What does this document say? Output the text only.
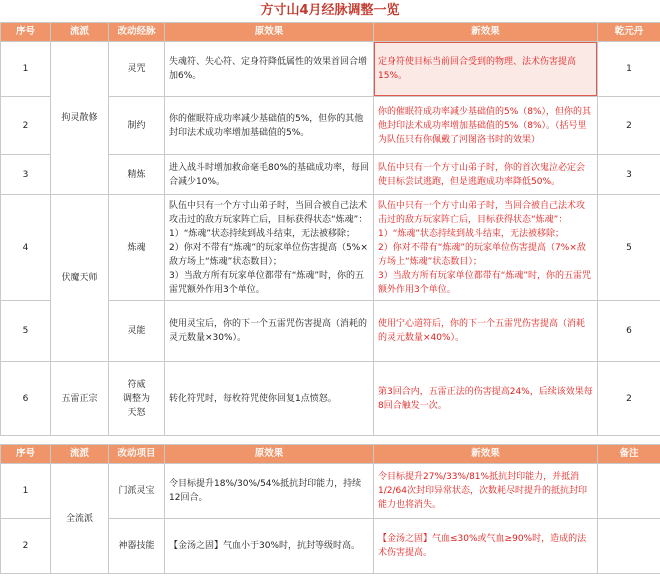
方寸山4月经脉调整一览
序号	流派	改动经脉	原效果	新效果	乾元丹
1	拘灵散修	灵咒	失魂符、失心符、定身符降低属性的效果首回合增加6%。	定身符使目标当前回合受到的物理、法术伤害提高15%。	1
2		制约	你的催眠符成功率减少基础值的5%，但你的其他封印法术成功率增加基础值的5%。	你的催眠符成功率减少基础值的5%（8%），但你的其他封印法术成功率增加基础值的5%（8%）。（括号里为队伍只有你佩戴了河图洛书时的效果）	2
3		精炼	进入战斗时增加救命毫毛80%的基础成功率，每回合减少10%。	队伍中只有一个方寸山弟子时，你的首次鬼泣必定会使目标尝试逃跑，但是逃跑成功率降低50%。	3
4	伏魔天师	炼魂	队伍中只有一个方寸山弟子时，当回合被自己法术攻击过的敌方玩家阵亡后，目标获得状态“炼魂”：
1）“炼魂”状态持续到战斗结束，无法被移除；
2）你对不带有“炼魂”的玩家单位伤害提高（5%×敌方场上“炼魂”状态数目）；
3）当敌方所有玩家单位都带有“炼魂”时，你的五雷咒额外作用3个单位。	队伍中只有一个方寸山弟子时，当回合被自己法术攻击过的敌方玩家阵亡后，目标获得状态“炼魂”：
1）“炼魂”状态持续到战斗结束，无法被移除；
2）你对不带有“炼魂”的玩家单位伤害提高（7%×敌方场上“炼魂”状态数目）；
3）当敌方所有玩家单位都带有“炼魂”时，你的五雷咒额外作用3个单位。	5
5		灵能	使用灵宝后，你的下一个五雷咒伤害提高（消耗的灵元数量×30%）。	使用宁心道符后，你的下一个五雷咒伤害提高（消耗的灵元数量×40%）。	6
6	五雷正宗	符威
调整为
天怒	转化符咒时，每枚符咒使你回复1点愤怒。	第3回合内，五雷正法的伤害提高24%，后续该效果每8回合触发一次。	2
序号	流派	改动项目	原效果	新效果	备注
1	全流派	门派灵宝	令目标提升18%/30%/54%抵抗封印能力，持续12回合。	令目标提升27%/33%/81%抵抗封印能力，并抵消1/2/64次封印异常状态，次数耗尽时提升的抵抗封印能力也将消失。	
2		神器技能	【金汤之固】气血小于30%时，抗封等级时高。	【金汤之固】气血≤30%或气血≥90%时，造成的法术伤害提高。	
